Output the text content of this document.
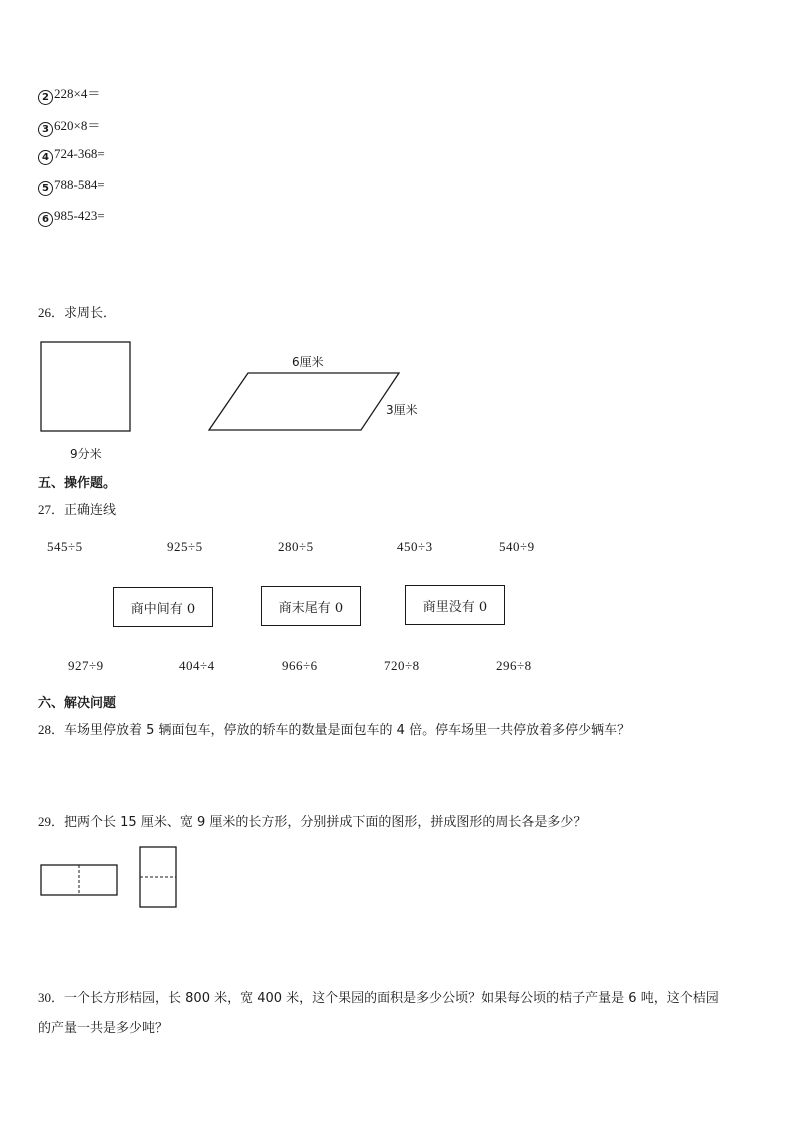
2 228×4＝
3 620×8＝
4 724-368=
5 788-584=
6 985-423=
26．求周长．
9分米
6厘米
3厘米
五、操作题。
27．正确连线
545÷5	925÷5	280÷5	450÷3	540÷9
商中间有 0	商末尾有 0	商里没有 0
927÷9	404÷4	966÷6	720÷8	296÷8
六、解决问题
28．车场里停放着 5 辆面包车，停放的轿车的数量是面包车的 4 倍。停车场里一共停放着多停少辆车？
29．把两个长 15 厘米、宽 9 厘米的长方形，分别拼成下面的图形，拼成图形的周长各是多少？
30．一个长方形桔园，长 800 米，宽 400 米，这个果园的面积是多少公顷？如果每公顷的桔子产量是 6 吨，这个桔园
的产量一共是多少吨？
